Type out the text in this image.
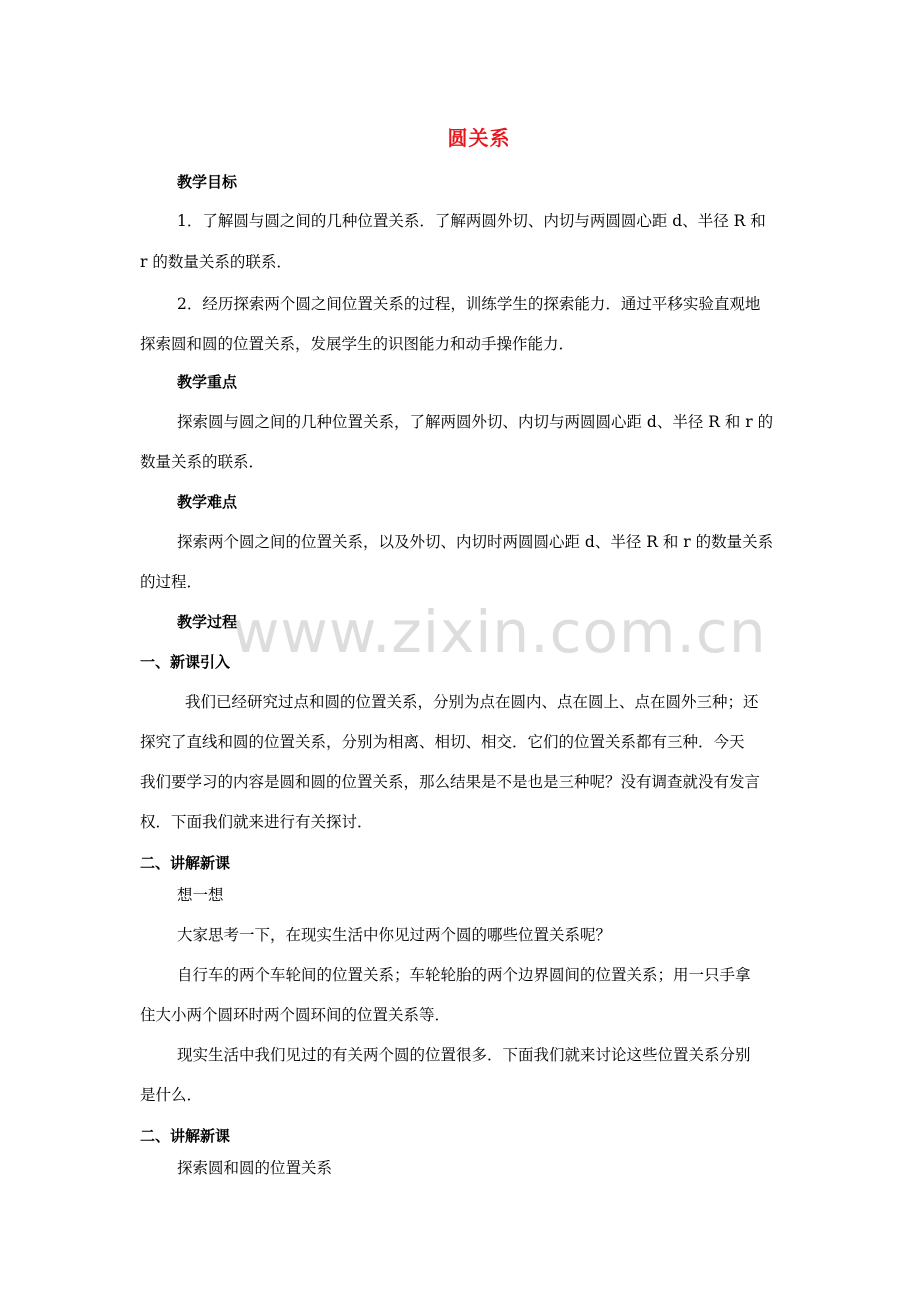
圆关系
教学目标
1．了解圆与圆之间的几种位置关系．了解两圆外切、内切与两圆圆心距 d、半径 R 和
r 的数量关系的联系．
2．经历探索两个圆之间位置关系的过程，训练学生的探索能力．通过平移实验直观地
探索圆和圆的位置关系，发展学生的识图能力和动手操作能力．
教学重点
探索圆与圆之间的几种位置关系，了解两圆外切、内切与两圆圆心距 d、半径 R 和 r 的
数量关系的联系．
教学难点
探索两个圆之间的位置关系，以及外切、内切时两圆圆心距 d、半径 R 和 r 的数量关系
的过程．
www.zixin.com.cn
教学过程
一、新课引入
我们已经研究过点和圆的位置关系，分别为点在圆内、点在圆上、点在圆外三种；还
探究了直线和圆的位置关系，分别为相离、相切、相交．它们的位置关系都有三种．今天
我们要学习的内容是圆和圆的位置关系，那么结果是不是也是三种呢？没有调查就没有发言
权．下面我们就来进行有关探讨．
二、讲解新课
想一想
大家思考一下，在现实生活中你见过两个圆的哪些位置关系呢？
自行车的两个车轮间的位置关系；车轮轮胎的两个边界圆间的位置关系；用一只手拿
住大小两个圆环时两个圆环间的位置关系等．
现实生活中我们见过的有关两个圆的位置很多．下面我们就来讨论这些位置关系分别
是什么．
二、讲解新课
探索圆和圆的位置关系
